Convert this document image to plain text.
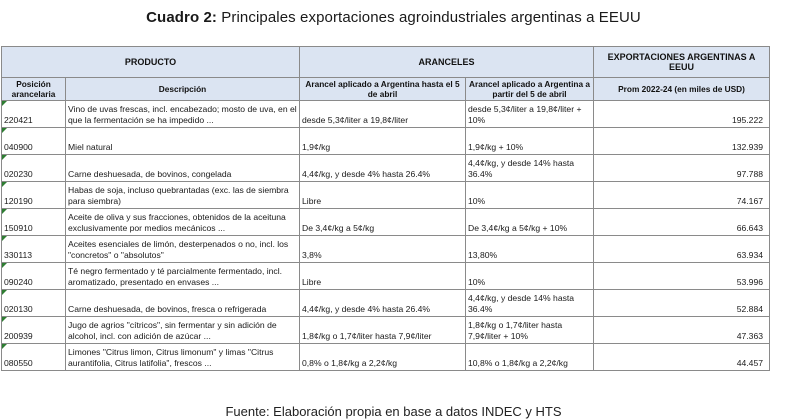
Cuadro 2: Principales exportaciones agroindustriales argentinas a EEUU
PRODUCTO		ARANCELES		EXPORTACIONES ARGENTINAS A EEUU
Posición arancelaria	Descripción	Arancel aplicado a Argentina hasta el 5 de abril	Arancel aplicado a Argentina a partir del 5 de abril	Prom 2022-24 (en miles de USD)
220421	Vino de uvas frescas, incl. encabezado; mosto de uva, en el que la fermentación se ha impedido ...	desde 5,3¢/liter a 19,8¢/liter	desde 5,3¢/liter a 19,8¢/liter + 10%	195.222
040900	Miel natural	1,9¢/kg	1,9¢/kg + 10%	132.939
020230	Carne deshuesada, de bovinos, congelada	4,4¢/kg, y desde 4% hasta 26.4%	4,4¢/kg, y desde 14% hasta 36.4%	97.788
120190	Habas de soja, incluso quebrantadas (exc. las de siembra para siembra)	Libre	10%	74.167
150910	Aceite de oliva y sus fracciones, obtenidos de la aceituna exclusivamente por medios mecánicos ...	De 3,4¢/kg a 5¢/kg	De 3,4¢/kg a 5¢/kg + 10%	66.643
330113	Aceites esenciales de limón, desterpenados o no, incl. los "concretos" o "absolutos"	3,8%	13,80%	63.934
090240	Té negro fermentado y té parcialmente fermentado, incl. aromatizado, presentado en envases ...	Libre	10%	53.996
020130	Carne deshuesada, de bovinos, fresca o refrigerada	4,4¢/kg, y desde 4% hasta 26.4%	4,4¢/kg, y desde 14% hasta 36.4%	52.884
200939	Jugo de agrios "cítricos", sin fermentar y sin adición de alcohol, incl. con adición de azúcar ...	1,8¢/kg o 1,7¢/liter hasta 7,9¢/liter	1,8¢/kg o 1,7¢/liter hasta 7,9¢/liter + 10%	47.363
080550	Limones "Citrus limon, Citrus limonum" y limas "Citrus aurantifolia, Citrus latifolia", frescos ...	0,8% o 1,8¢/kg a 2,2¢/kg	10,8% o 1,8¢/kg a 2,2¢/kg	44.457
Fuente: Elaboración propia en base a datos INDEC y HTS
